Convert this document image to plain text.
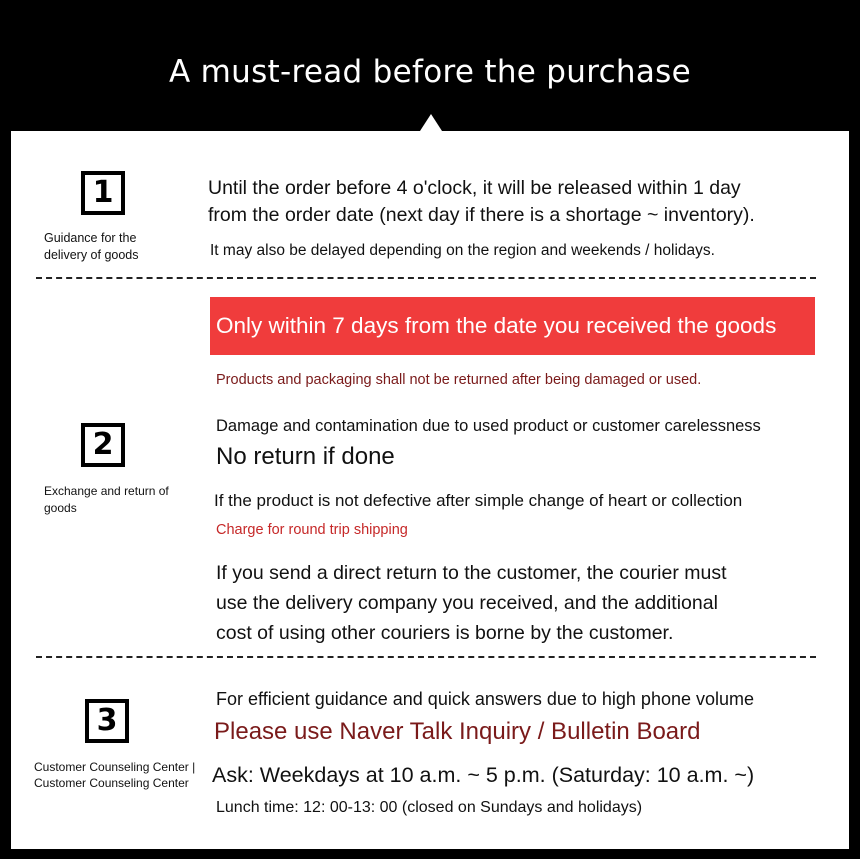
A must-read before the purchase
1
Guidance for the delivery of goods
Until the order before 4 o'clock, it will be released within 1 day
from the order date (next day if there is a shortage ~ inventory).
It may also be delayed depending on the region and weekends / holidays.
Only within 7 days from the date you received the goods
Products and packaging shall not be returned after being damaged or used.
2
Exchange and return of goods
Damage and contamination due to used product or customer carelessness
No return if done
If the product is not defective after simple change of heart or collection
Charge for round trip shipping
If you send a direct return to the customer, the courier must
use the delivery company you received, and the additional
cost of using other couriers is borne by the customer.
3
Customer Counseling Center |
Customer Counseling Center
For efficient guidance and quick answers due to high phone volume
Please use Naver Talk Inquiry / Bulletin Board
Ask: Weekdays at 10 a.m. ~ 5 p.m. (Saturday: 10 a.m. ~)
Lunch time: 12: 00-13: 00 (closed on Sundays and holidays)
